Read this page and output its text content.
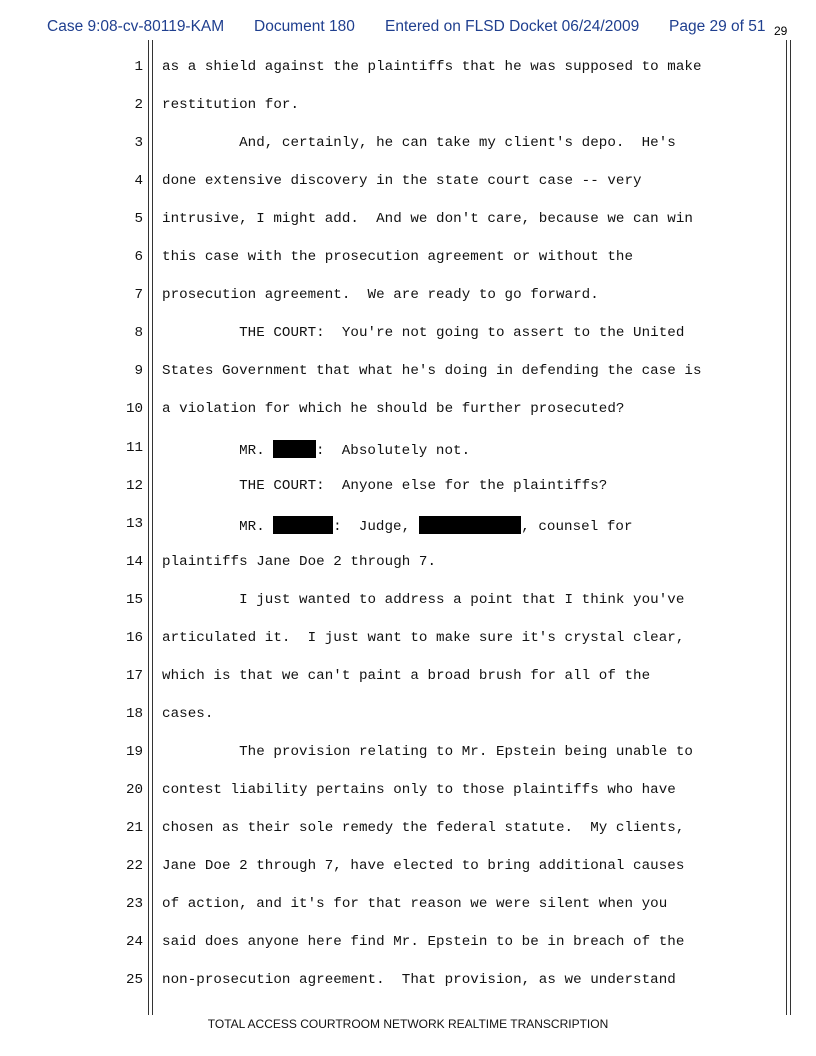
Case 9:08-cv-80119-KAM Document 180 Entered on FLSD Docket 06/24/2009 Page 29 of 51 29
1 as a shield against the plaintiffs that he was supposed to make
2 restitution for.
3 And, certainly, he can take my client's depo.  He's
4 done extensive discovery in the state court case -- very
5 intrusive, I might add.  And we don't care, because we can win
6 this case with the prosecution agreement or without the
7 prosecution agreement.  We are ready to go forward.
8 THE COURT:  You're not going to assert to the United
9 States Government that what he's doing in defending the case is
10 a violation for which he should be further prosecuted?
11 MR.	:  Absolutely not.
12 THE COURT:  Anyone else for the plaintiffs?
13 MR.	:  Judge,	, counsel for
14 plaintiffs Jane Doe 2 through 7.
15 I just wanted to address a point that I think you've
16 articulated it.  I just want to make sure it's crystal clear,
17 which is that we can't paint a broad brush for all of the
18 cases.
19 The provision relating to Mr. Epstein being unable to
20 contest liability pertains only to those plaintiffs who have
21 chosen as their sole remedy the federal statute.  My clients,
22 Jane Doe 2 through 7, have elected to bring additional causes
23 of action, and it's for that reason we were silent when you
24 said does anyone here find Mr. Epstein to be in breach of the
25 non-prosecution agreement.  That provision, as we understand
TOTAL ACCESS COURTROOM NETWORK REALTIME TRANSCRIPTION
